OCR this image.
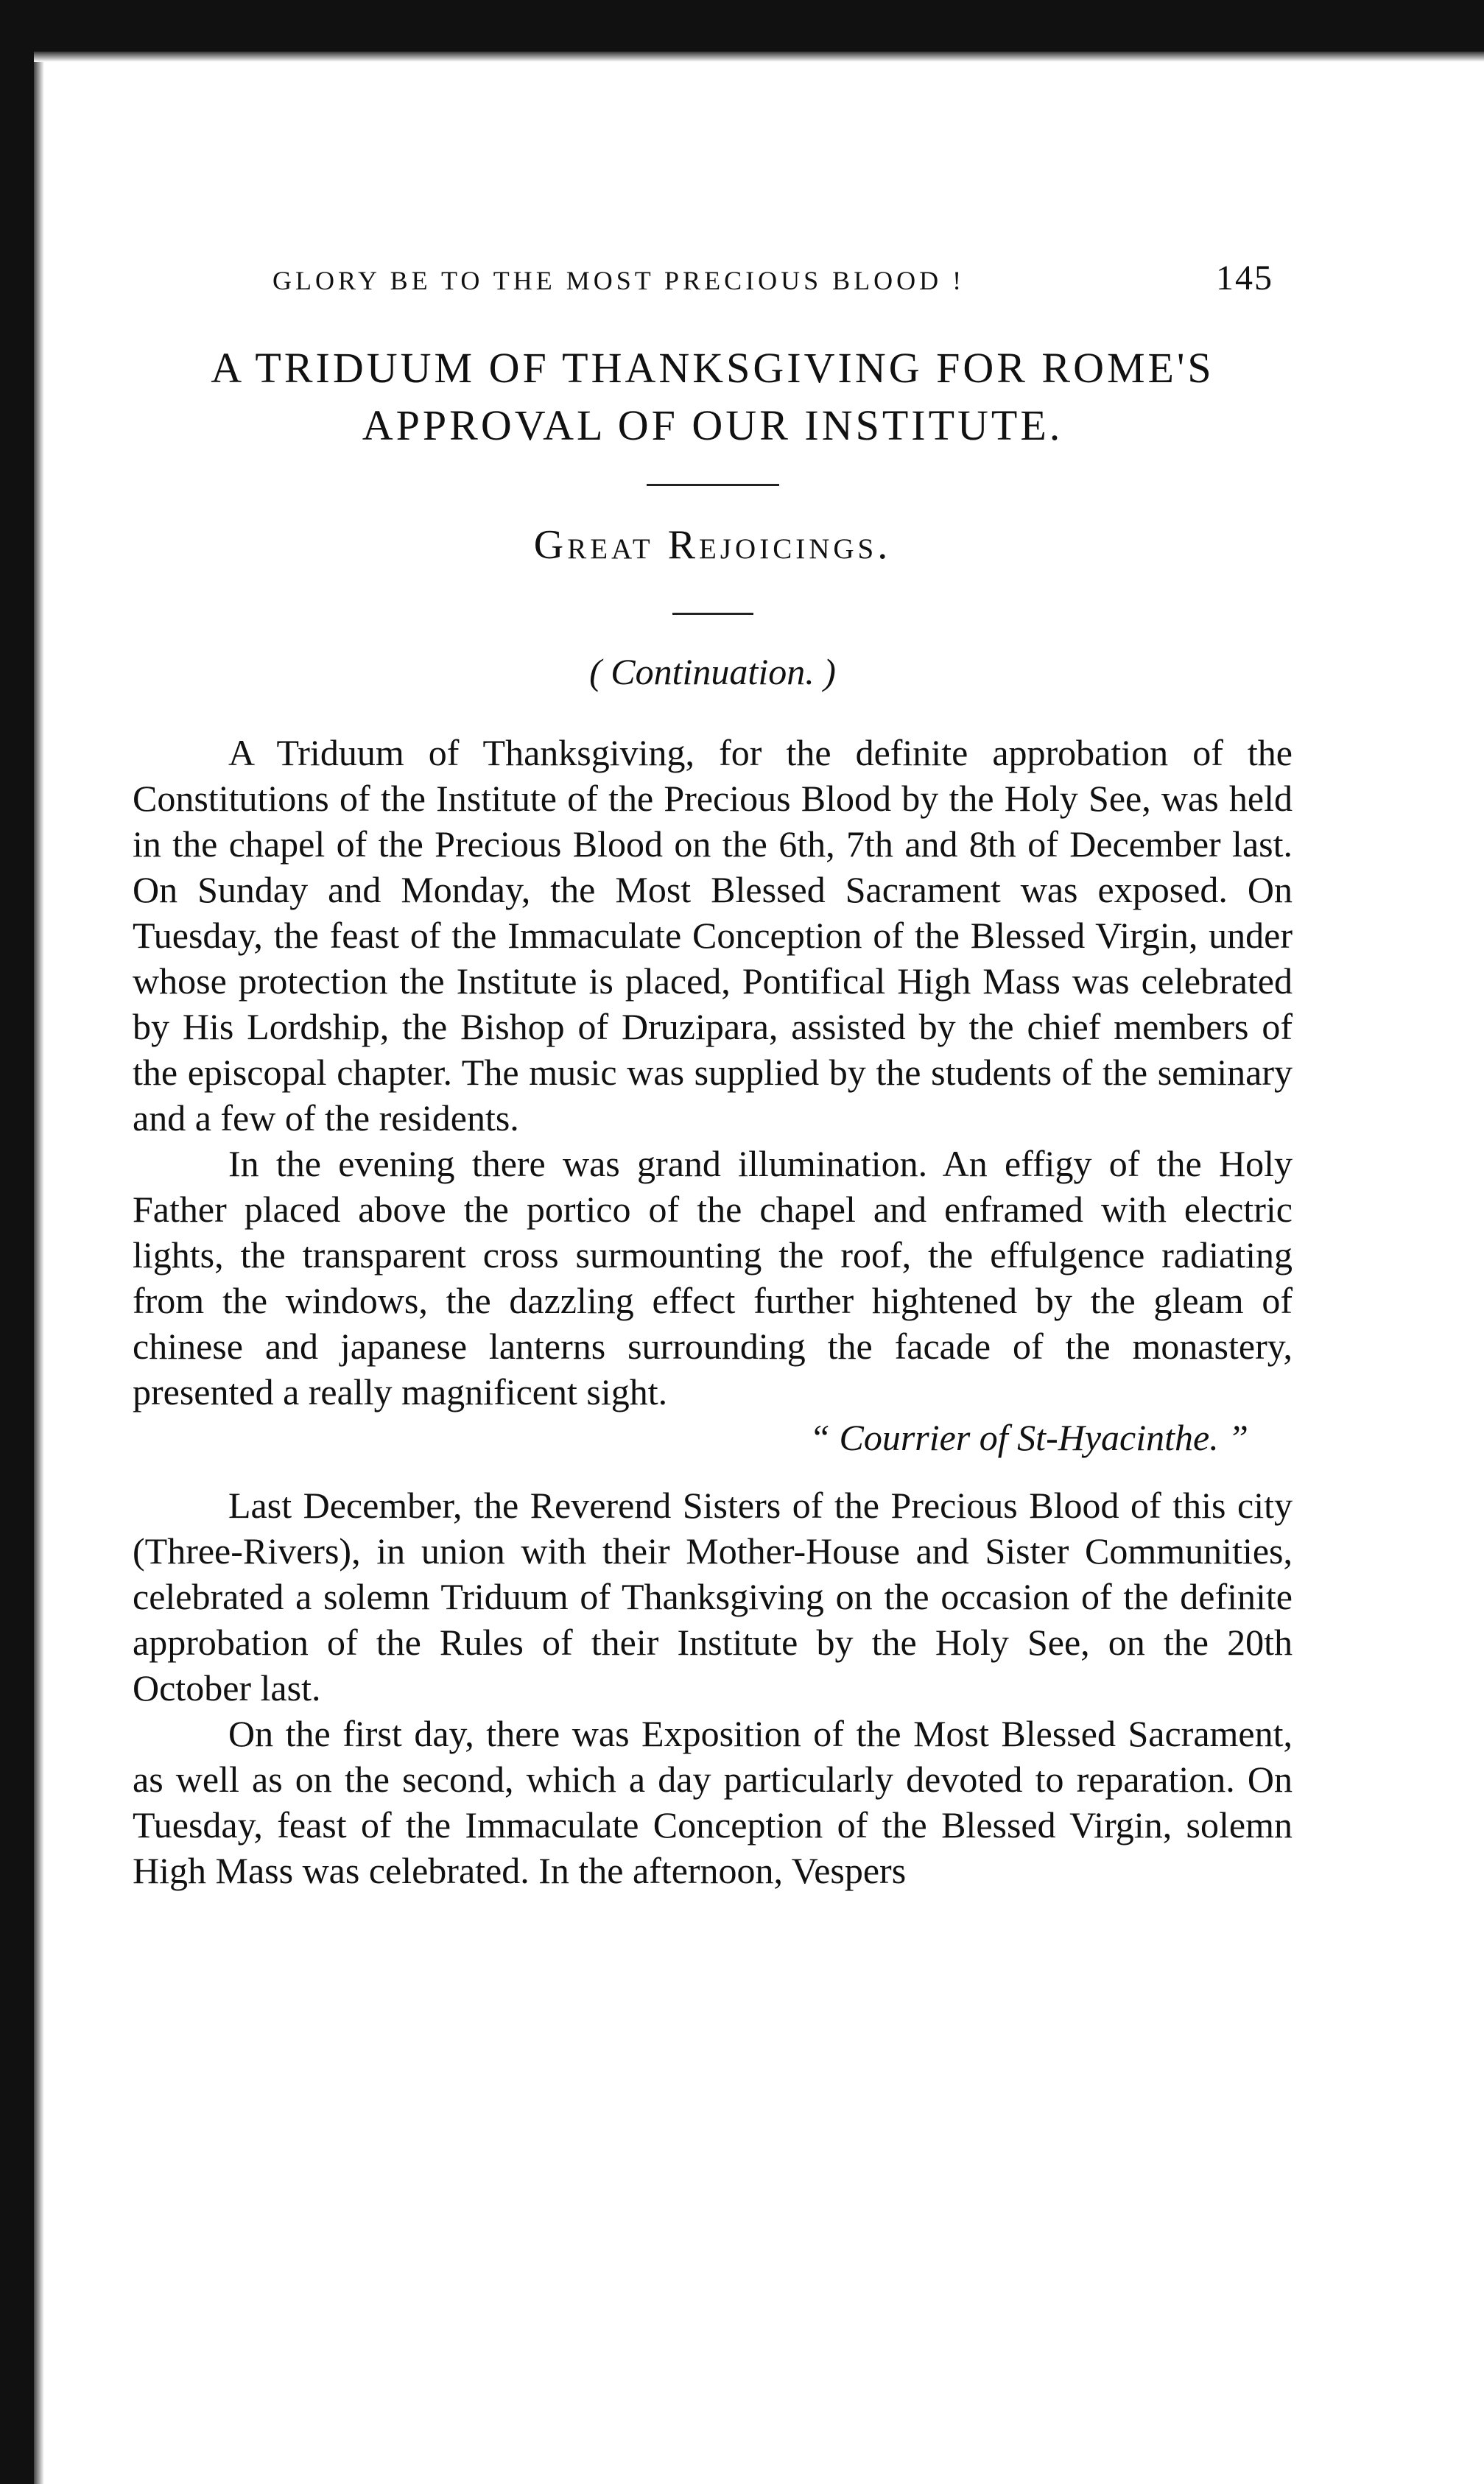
GLORY BE TO THE MOST PRECIOUS BLOOD !	145
A TRIDUUM OF THANKSGIVING FOR ROME'S
APPROVAL OF OUR INSTITUTE.
Great Rejoicings.
( Continuation. )

A Triduum of Thanksgiving, for the definite approbation of the Constitutions of the Institute of the Precious Blood by the Holy See, was held in the chapel of the Precious Blood on the 6th, 7th and 8th of December last. On Sunday and Monday, the Most Blessed Sacrament was exposed. On Tuesday, the feast of the Immaculate Conception of the Blessed Virgin, under whose protection the Institute is placed, Pontifical High Mass was celebrated by His Lordship, the Bishop of Druzipara, assisted by the chief members of the episcopal chapter. The music was supplied by the students of the seminary and a few of the residents.

In the evening there was grand illumination. An effigy of the Holy Father placed above the portico of the chapel and enframed with electric lights, the transparent cross surmounting the roof, the effulgence radiating from the windows, the dazzling effect further hightened by the gleam of chinese and japanese lanterns surrounding the facade of the monastery, presented a really magnificent sight.

“ Courrier of St-Hyacinthe. ”

Last December, the Reverend Sisters of the Precious Blood of this city (Three-Rivers), in union with their Mother-House and Sister Communities, celebrated a solemn Triduum of Thanksgiving on the occasion of the definite approbation of the Rules of their Institute by the Holy See, on the 20th October last.

On the first day, there was Exposition of the Most Blessed Sacrament, as well as on the second, which a day particularly devoted to reparation. On Tuesday, feast of the Immaculate Conception of the Blessed Virgin, solemn High Mass was celebrated. In the afternoon, Vespers
